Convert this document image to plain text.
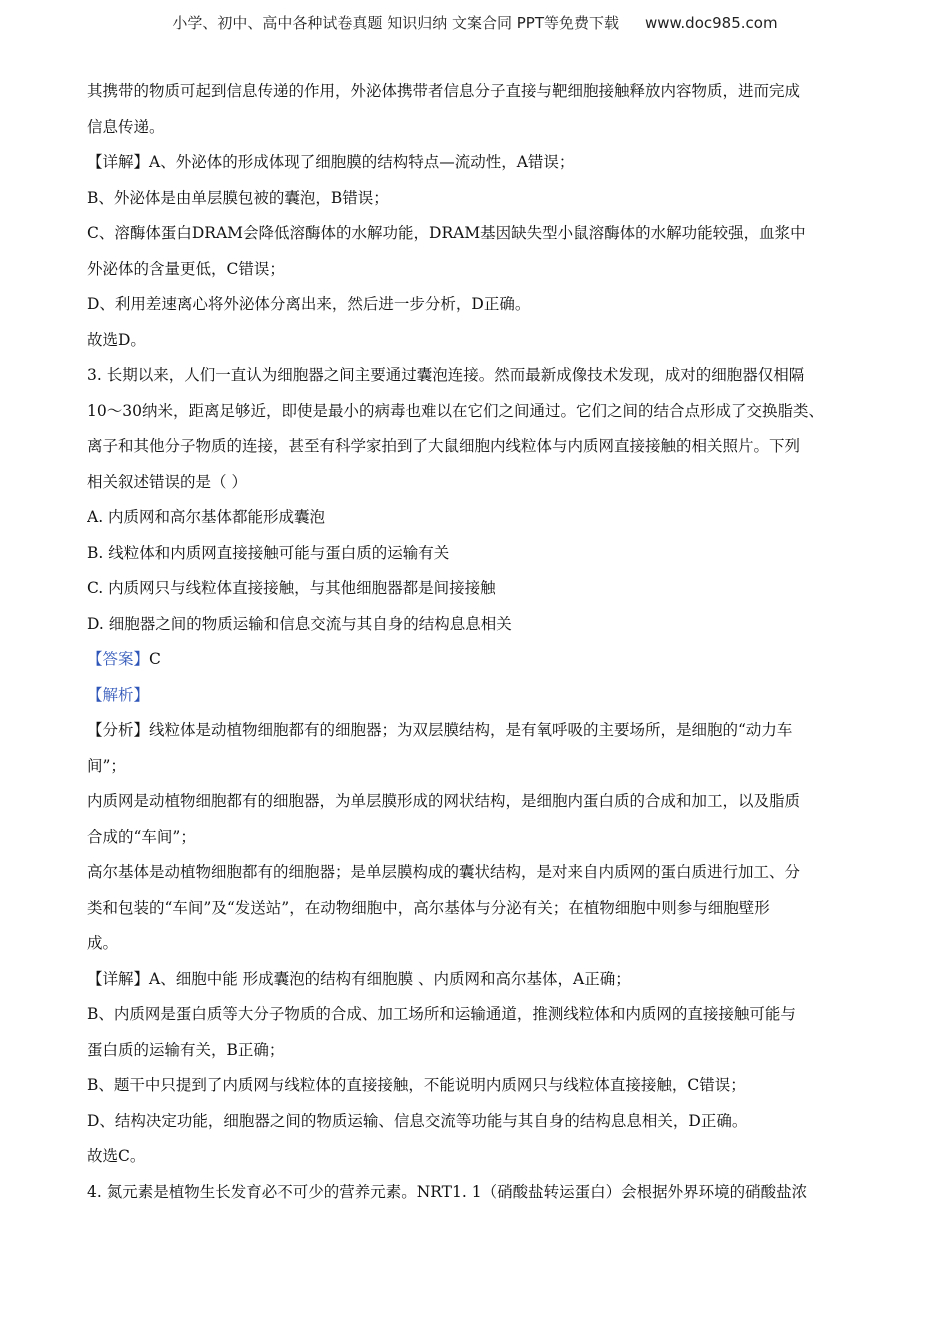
小学、初中、高中各种试卷真题 知识归纳 文案合同 PPT等免费下载 www.doc985.com
其携带的物质可起到信息传递的作用，外泌体携带者信息分子直接与靶细胞接触释放内容物质，进而完成
信息传递。
【详解】A、外泌体的形成体现了细胞膜的结构特点—流动性，A错误；
B、外泌体是由单层膜包被的囊泡，B错误；
C、溶酶体蛋白DRAM会降低溶酶体的水解功能，DRAM基因缺失型小鼠溶酶体的水解功能较强，血浆中
外泌体的含量更低，C错误；
D、利用差速离心将外泌体分离出来，然后进一步分析，D正确。
故选D。
3. 长期以来，人们一直认为细胞器之间主要通过囊泡连接。然而最新成像技术发现，成对的细胞器仅相隔
10～30纳米，距离足够近，即使是最小的病毒也难以在它们之间通过。它们之间的结合点形成了交换脂类、
离子和其他分子物质的连接，甚至有科学家拍到了大鼠细胞内线粒体与内质网直接接触的相关照片。下列
相关叙述错误的是（ ）
A. 内质网和高尔基体都能形成囊泡
B. 线粒体和内质网直接接触可能与蛋白质的运输有关
C. 内质网只与线粒体直接接触，与其他细胞器都是间接接触
D. 细胞器之间的物质运输和信息交流与其自身的结构息息相关
【答案】C
【解析】
【分析】线粒体是动植物细胞都有的细胞器；为双层膜结构，是有氧呼吸的主要场所，是细胞的“动力车
间”；
内质网是动植物细胞都有的细胞器，为单层膜形成的网状结构，是细胞内蛋白质的合成和加工，以及脂质
合成的“车间”；
高尔基体是动植物细胞都有的细胞器；是单层膜构成的囊状结构，是对来自内质网的蛋白质进行加工、分
类和包装的“车间”及“发送站”，在动物细胞中，高尔基体与分泌有关；在植物细胞中则参与细胞壁形
成。
【详解】A、细胞中能 形成囊泡的结构有细胞膜 、内质网和高尔基体，A正确；
B、内质网是蛋白质等大分子物质的合成、加工场所和运输通道，推测线粒体和内质网的直接接触可能与
蛋白质的运输有关，B正确；
B、题干中只提到了内质网与线粒体的直接接触，不能说明内质网只与线粒体直接接触，C错误；
D、结构决定功能，细胞器之间的物质运输、信息交流等功能与其自身的结构息息相关，D正确。
故选C。
4. 氮元素是植物生长发育必不可少的营养元素。NRT1. 1（硝酸盐转运蛋白）会根据外界环境的硝酸盐浓
